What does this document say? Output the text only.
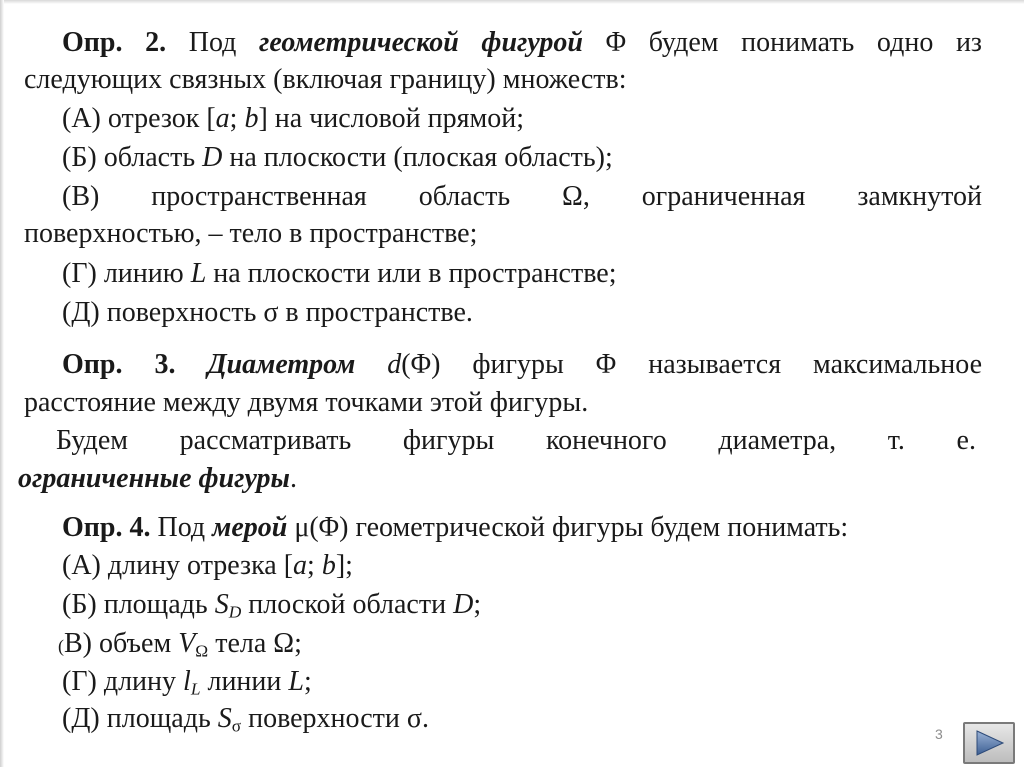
Опр. 2. Под геометрической фигурой Φ будем понимать одно из

следующих связных (включая границу) множеств:

(А) отрезок [a; b] на числовой прямой;

(Б) область D на плоскости (плоская область);

(В) пространственная область Ω, ограниченная замкнутой

поверхностью, – тело в пространстве;

(Г) линию L на плоскости или в пространстве;

(Д) поверхность σ в пространстве.

Опр. 3. Диаметром d(Φ) фигуры Φ называется максимальное

расстояние между двумя точками этой фигуры.

Будем рассматривать фигуры конечного диаметра, т. е.

ограниченные фигуры.

Опр. 4. Под мерой μ(Φ) геометрической фигуры будем понимать:

(А) длину отрезка [a; b];

(Б) площадь $S_D$ плоской области D;

(В) объем $V_\Omega$ тела Ω;

(Г) длину $l_L$ линии L;

(Д) площадь $S_\sigma$ поверхности σ.	3
